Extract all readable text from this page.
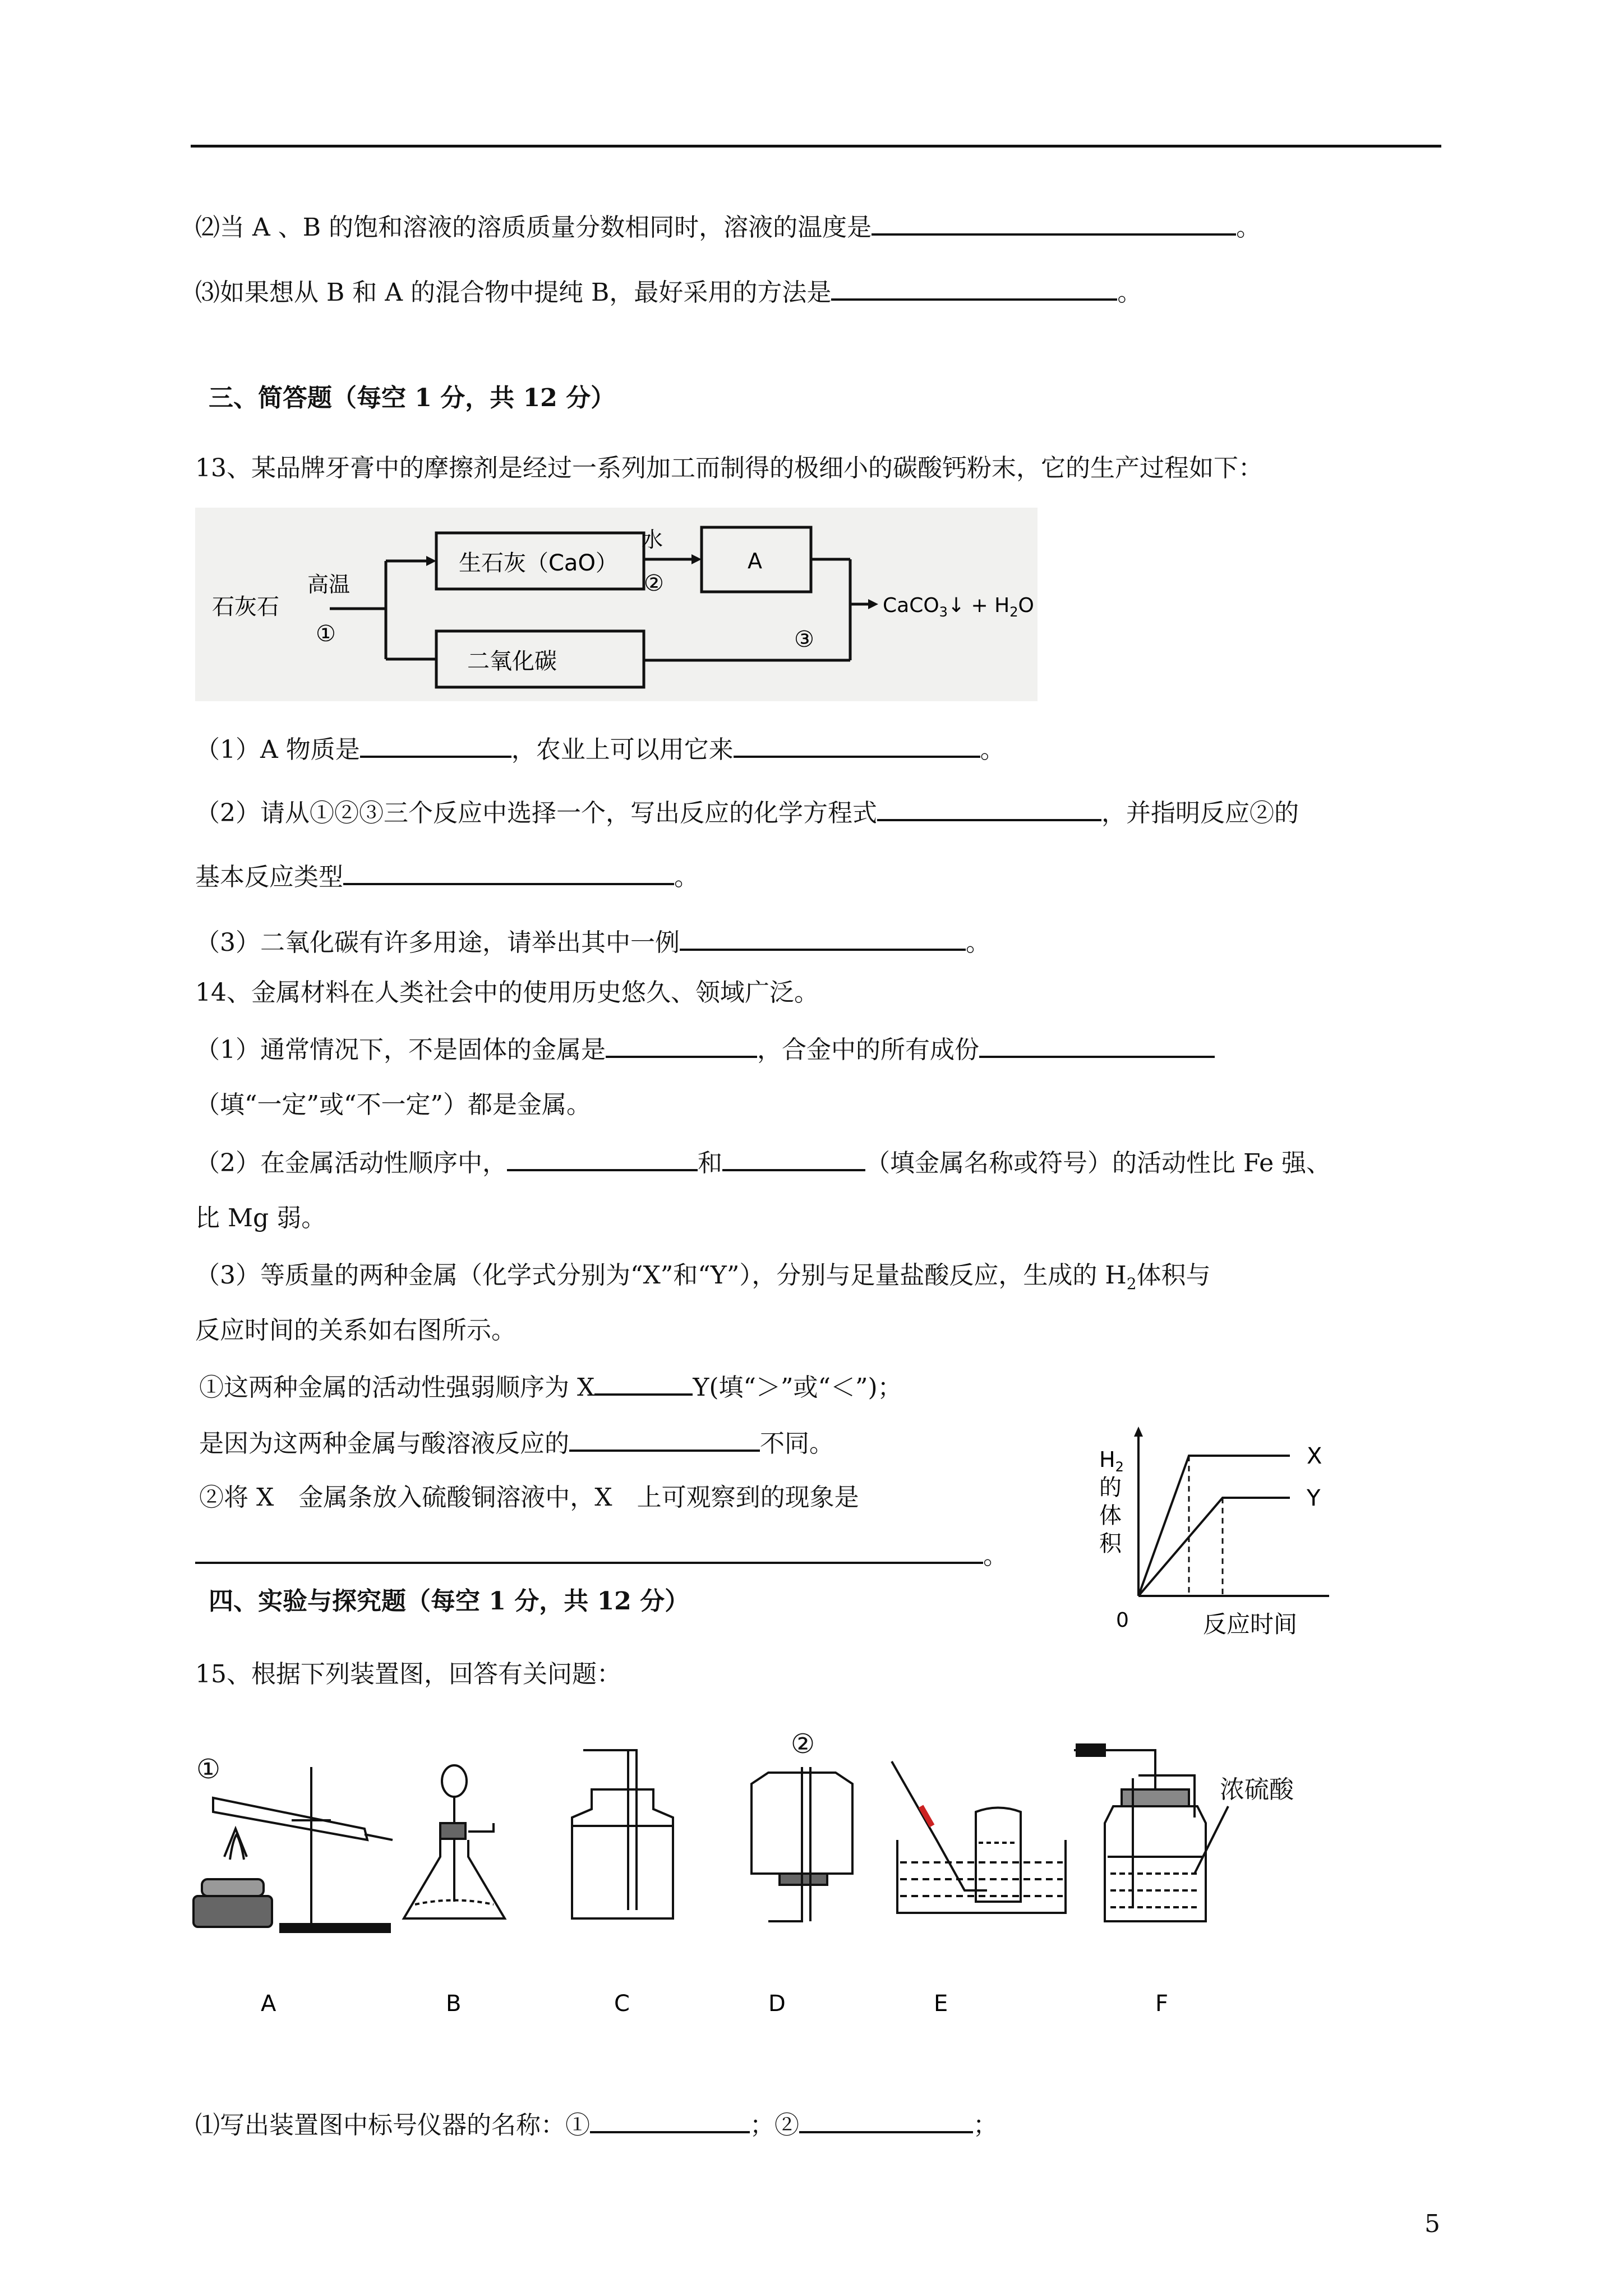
⑵当 A 、B 的饱和溶液的溶质质量分数相同时，溶液的温度是	。
⑶如果想从 B 和 A 的混合物中提纯 B，最好采用的方法是	。
三、简答题（每空 1 分，共 12 分）
13、某品牌牙膏中的摩擦剂是经过一系列加工而制得的极细小的碳酸钙粉末，它的生产过程如下：
石灰石
高温
①
生石灰（CaO）
水
②
A
二氧化碳
③
CaCO$_3$↓ + $H_2O$
（1）A 物质是	，农业上可以用它来	。
（2）请从①②③三个反应中选择一个，写出反应的化学方程式	，并指明反应②的
基本反应类型	。
（3）二氧化碳有许多用途，请举出其中一例	。
14、金属材料在人类社会中的使用历史悠久、领域广泛。
（1）通常情况下，不是固体的金属是	，合金中的所有成份
（填“一定”或“不一定”）都是金属。
（2）在金属活动性顺序中，	和	（填金属名称或符号）的活动性比 Fe 强、
比 Mg 弱。
（3）等质量的两种金属（化学式分别为“X”和“Y”），分别与足量盐酸反应，生成的 $H_2$体积与
反应时间的关系如右图所示。
①这两种金属的活动性强弱顺序为 X	Y(填“＞”或“＜”)；
是因为这两种金属与酸溶液反应的	不同。
②将 X　金属条放入硫酸铜溶液中，X　上可观察到的现象是
。
$H_2$
的
体
积
0	反应时间
X
Y
四、实验与探究题（每空 1 分，共 12 分）
15、根据下列装置图，回答有关问题：
①
②
浓硫酸
A	B	C	D	E	F
⑴写出装置图中标号仪器的名称：①	；②	；
5
